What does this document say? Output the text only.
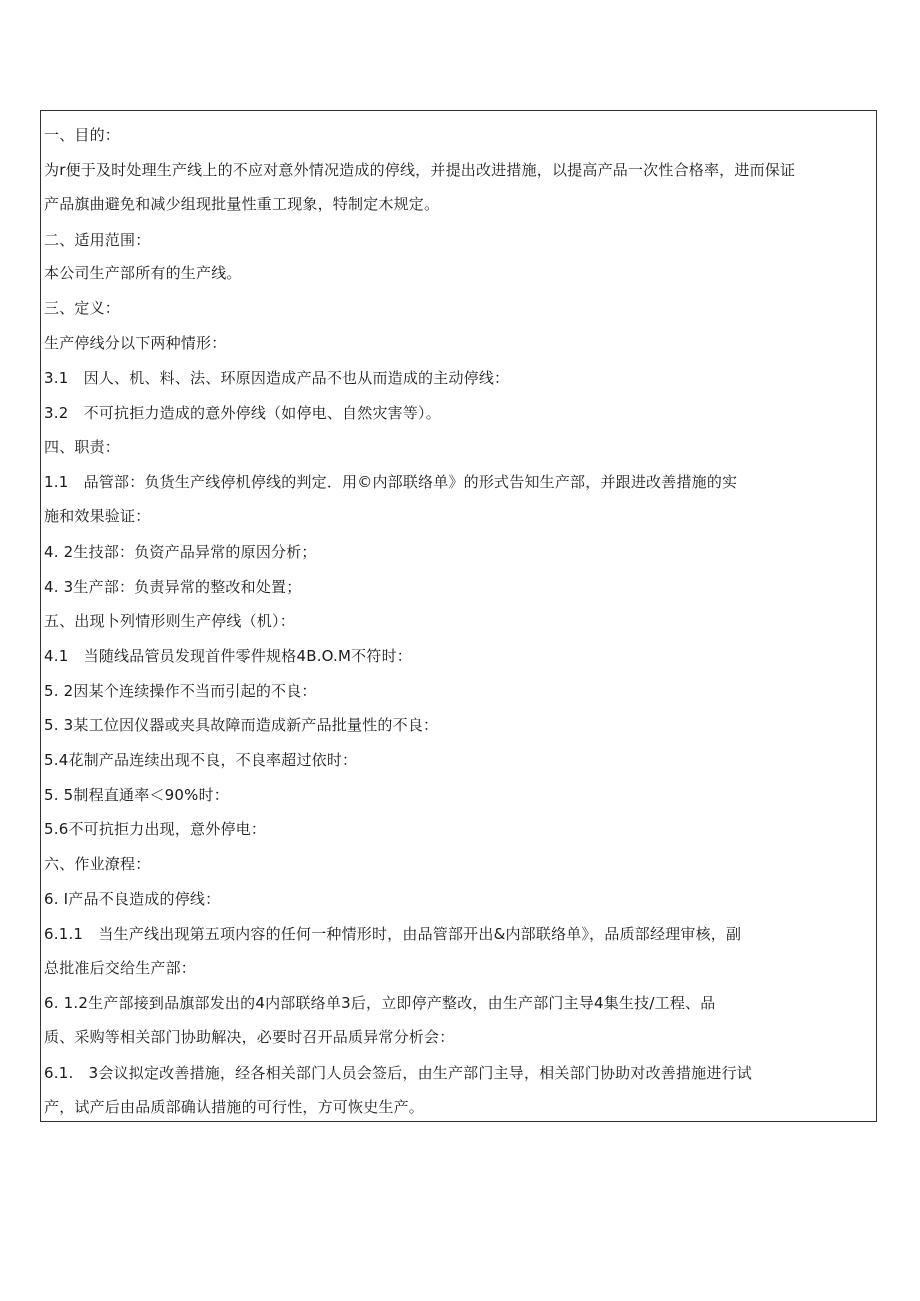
一、目的：
为r便于及时处理生产线上的不应对意外情况造成的停线，并提出改进措施，以提高产品一次性合格率，进而保证
产品旗曲避免和减少组现批量性重工现象，特制定木规定。
二、适用范围：
本公司生产部所有的生产线。
三、定义：
生产停线分以下两种情形：
3.1　因人、机、料、法、环原因造成产品不也从而造成的主动停线：
3.2　不可抗拒力造成的意外停线（如停电、自然灾害等）。
四、职责：
1.1　品管部：负货生产线停机停线的判定．用©内部联络单》的形式告知生产部，并跟进改善措施的实
施和效果验证：
4. 2生技部：负资产品异常的原因分析；
4. 3生产部：负责异常的整改和处置；
五、出现卜列情形则生产停线（机）：
4.1　当随线品管员发现首件零件规格4B.O.M不符时：
5. 2因某个连续操作不当而引起的不良：
5. 3某工位因仪器或夹具故障而造成新产品批量性的不良：
5.4花制产品连续出现不良，不良率超过依时：
5. 5制程直通率＜90%时：
5.6不可抗拒力出现，意外停电：
六、作业潦程：
6. I产品不良造成的停线：
6.1.1　当生产线出现第五项内容的任何一种情形时，由品管部开出&内部联络单》，品质部经理审核，副
总批准后交给生产部：
6. 1.2生产部接到品旗部发出的4内部联络单3后，立即停产整改，由生产部门主导4集生技/工程、品
质、采购等相关部门协助解决，必要时召开品质异常分析会：
6.1.　3会议拟定改善措施，经各相关部门人员会签后，由生产部门主导，相关部门协助对改善措施进行试
产，试产后由品质部确认措施的可行性，方可恢史生产。
